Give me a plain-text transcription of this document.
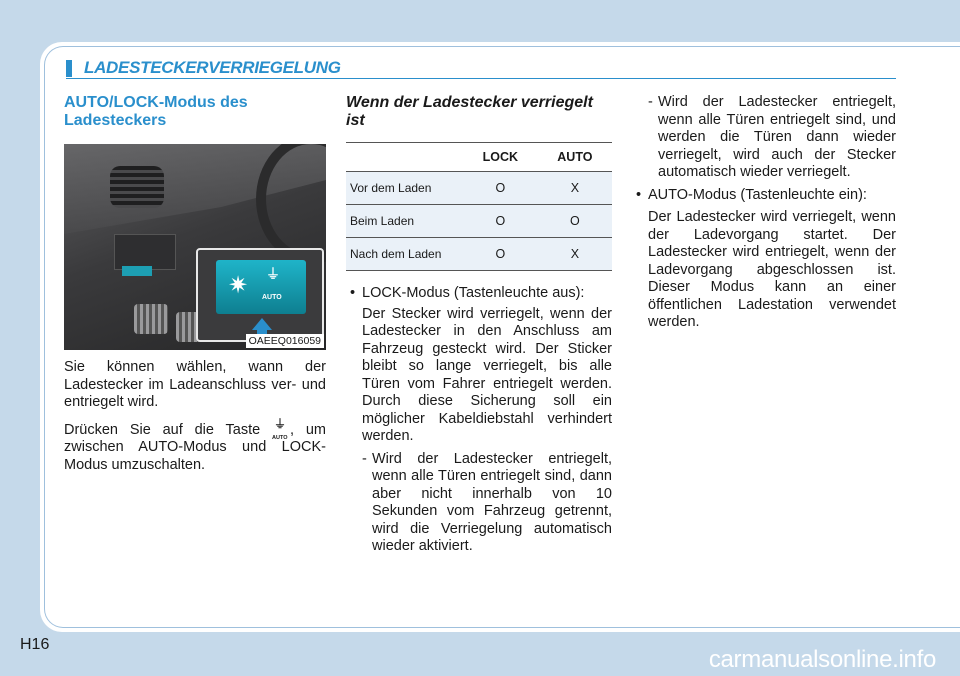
LADESTECKERVERRIEGELUNG

AUTO/LOCK-Modus des Ladesteckers

✷ ⏚
AUTO
OAEEQ016059

Sie können wählen, wann der Ladestecker im Ladeanschluss ver- und entriegelt wird.

Drücken Sie auf die Taste ⏚
AUTO , um zwischen AUTO-Modus und LOCK-Modus umzuschalten.

Wenn der Ladestecker verriegelt ist

	LOCK	AUTO
Vor dem Laden	O	X
Beim Laden	O	O
Nach dem Laden	O	X

• LOCK-Modus (Tastenleuchte aus):

Der Stecker wird verriegelt, wenn der Ladestecker in den Anschluss am Fahrzeug gesteckt wird. Der Sticker bleibt so lange verriegelt, bis alle Türen vom Fahrer entriegelt werden. Durch diese Sicherung soll ein möglicher Kabeldiebstahl verhindert werden.

- Wird der Ladestecker entriegelt, wenn alle Türen entriegelt sind, dann aber nicht innerhalb von 10 Sekunden vom Fahrzeug getrennt, wird die Verriegelung automatisch wieder aktiviert.

- Wird der Ladestecker entriegelt, wenn alle Türen entriegelt sind, und werden die Türen dann wieder verriegelt, wird auch der Stecker automatisch wieder verriegelt.

• AUTO-Modus (Tastenleuchte ein):

Der Ladestecker wird verriegelt, wenn der Ladevorgang startet. Der Ladestecker wird entriegelt, wenn der Ladevorgang abgeschlossen ist. Dieser Modus kann an einer öffentlichen Ladestation verwendet werden.

H16
carmanualsonline.info
